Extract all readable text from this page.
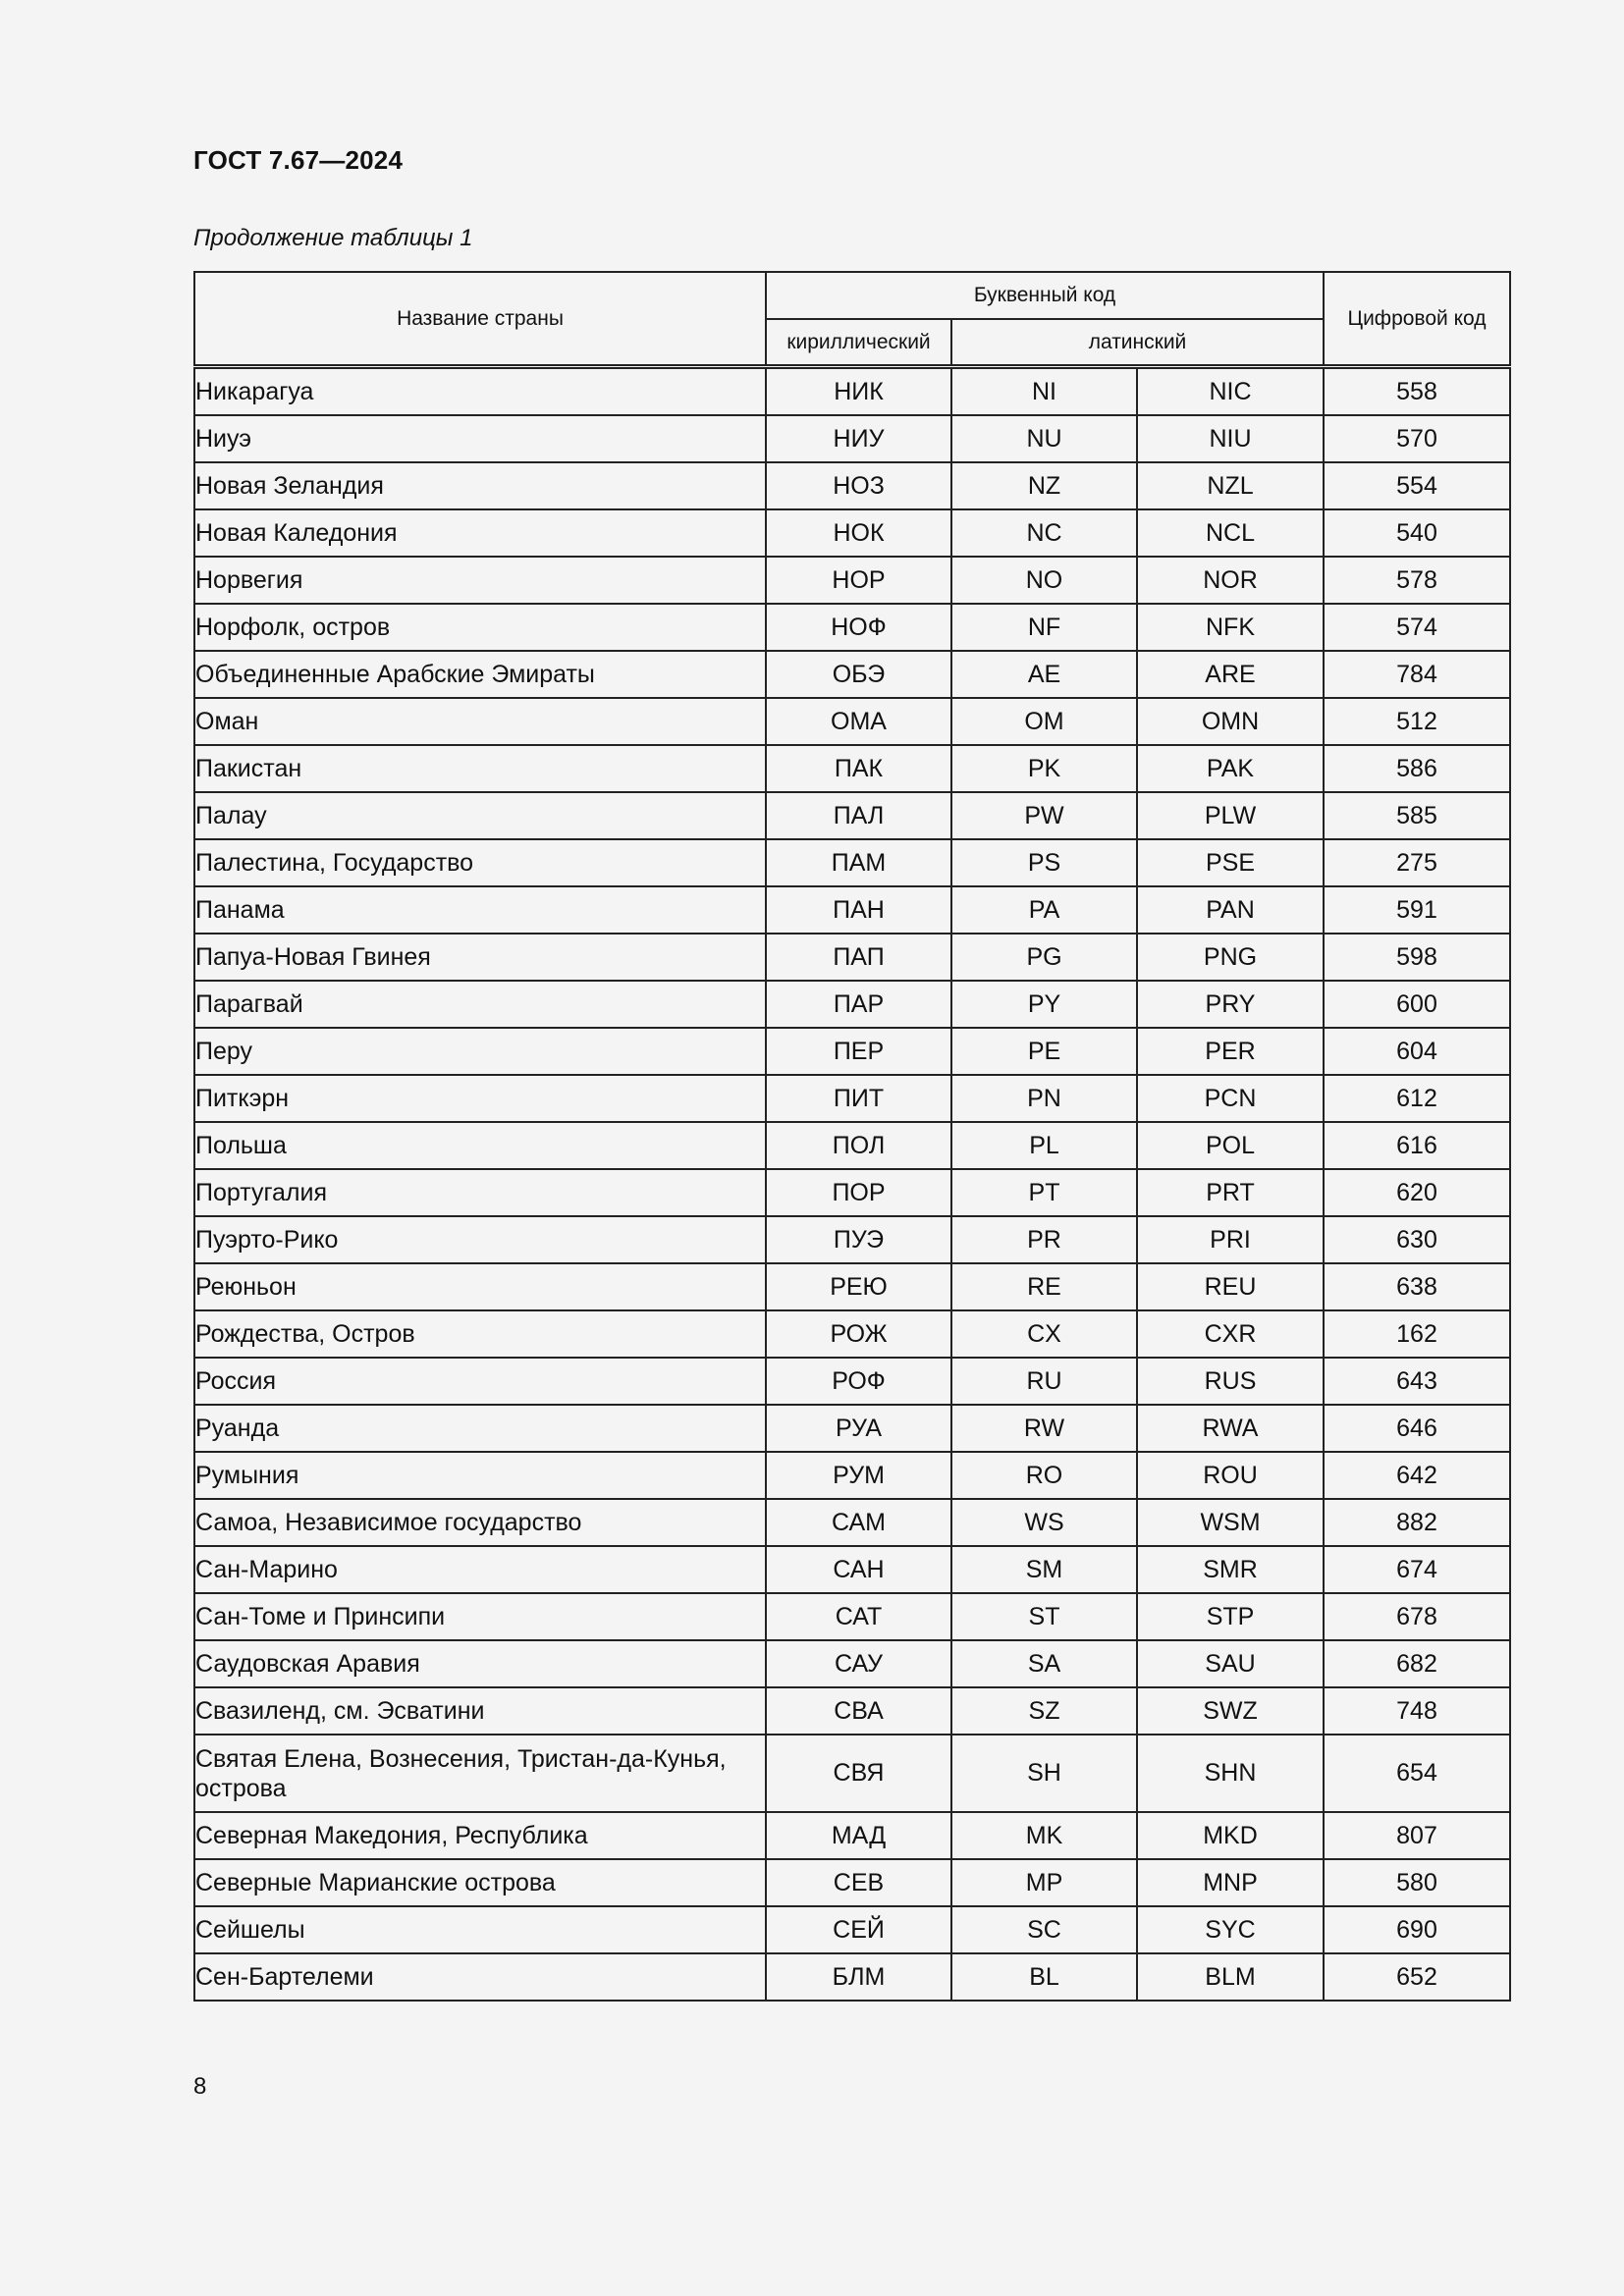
ГОСТ 7.67—2024
Продолжение таблицы 1
Название страны	Буквенный код			Цифровой код
	кириллический	латинский		
Никарагуа	НИК	NI	NIC	558
Ниуэ	НИУ	NU	NIU	570
Новая Зеландия	НОЗ	NZ	NZL	554
Новая Каледония	НОК	NC	NCL	540
Норвегия	НОР	NO	NOR	578
Норфолк, остров	НОФ	NF	NFK	574
Объединенные Арабские Эмираты	ОБЭ	AE	ARE	784
Оман	ОМА	OM	OMN	512
Пакистан	ПАК	PK	PAK	586
Палау	ПАЛ	PW	PLW	585
Палестина, Государство	ПАМ	PS	PSE	275
Панама	ПАН	PA	PAN	591
Папуа-Новая Гвинея	ПАП	PG	PNG	598
Парагвай	ПАР	PY	PRY	600
Перу	ПЕР	PE	PER	604
Питкэрн	ПИТ	PN	PCN	612
Польша	ПОЛ	PL	POL	616
Португалия	ПОР	PT	PRT	620
Пуэрто-Рико	ПУЭ	PR	PRI	630
Реюньон	РЕЮ	RE	REU	638
Рождества, Остров	РОЖ	CX	CXR	162
Россия	РОФ	RU	RUS	643
Руанда	РУА	RW	RWA	646
Румыния	РУМ	RO	ROU	642
Самоа, Независимое государство	САМ	WS	WSM	882
Сан-Марино	САН	SM	SMR	674
Сан-Томе и Принсипи	САТ	ST	STP	678
Саудовская Аравия	САУ	SA	SAU	682
Свазиленд, см. Эсватини	СВА	SZ	SWZ	748
Святая Елена, Вознесения, Тристан-да-Кунья, острова	СВЯ	SH	SHN	654
Северная Македония, Республика	МАД	MK	MKD	807
Северные Марианские острова	СЕВ	MP	MNP	580
Сейшелы	СЕЙ	SC	SYC	690
Сен-Бартелеми	БЛМ	BL	BLM	652
8
